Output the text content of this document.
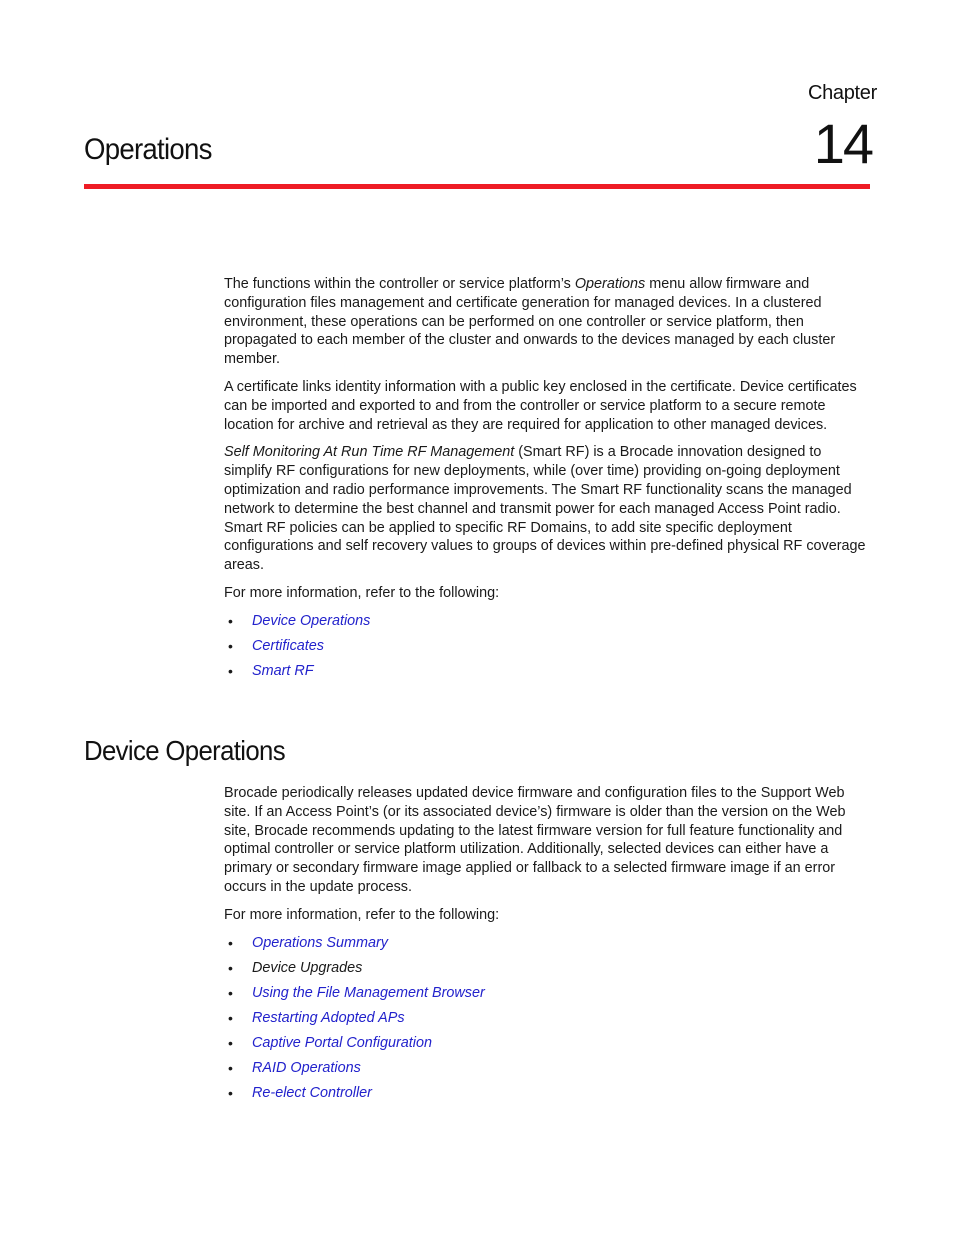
Chapter
14
Operations

The functions within the controller or service platform’s Operations menu allow firmware and configuration files management and certificate generation for managed devices. In a clustered environment, these operations can be performed on one controller or service platform, then propagated to each member of the cluster and onwards to the devices managed by each cluster member.

A certificate links identity information with a public key enclosed in the certificate. Device certificates can be imported and exported to and from the controller or service platform to a secure remote location for archive and retrieval as they are required for application to other managed devices.

Self Monitoring At Run Time RF Management (Smart RF) is a Brocade innovation designed to simplify RF configurations for new deployments, while (over time) providing on-going deployment optimization and radio performance improvements. The Smart RF functionality scans the managed network to determine the best channel and transmit power for each managed Access Point radio. Smart RF policies can be applied to specific RF Domains, to add site specific deployment configurations and self recovery values to groups of devices within pre-defined physical RF coverage areas.

For more information, refer to the following:

• Device Operations
• Certificates
• Smart RF
Device Operations

Brocade periodically releases updated device firmware and configuration files to the Support Web site. If an Access Point’s (or its associated device’s) firmware is older than the version on the Web site, Brocade recommends updating to the latest firmware version for full feature functionality and optimal controller or service platform utilization. Additionally, selected devices can either have a primary or secondary firmware image applied or fallback to a selected firmware image if an error occurs in the update process.

For more information, refer to the following:

• Operations Summary
• Device Upgrades
• Using the File Management Browser
• Restarting Adopted APs
• Captive Portal Configuration
• RAID Operations
• Re-elect Controller
